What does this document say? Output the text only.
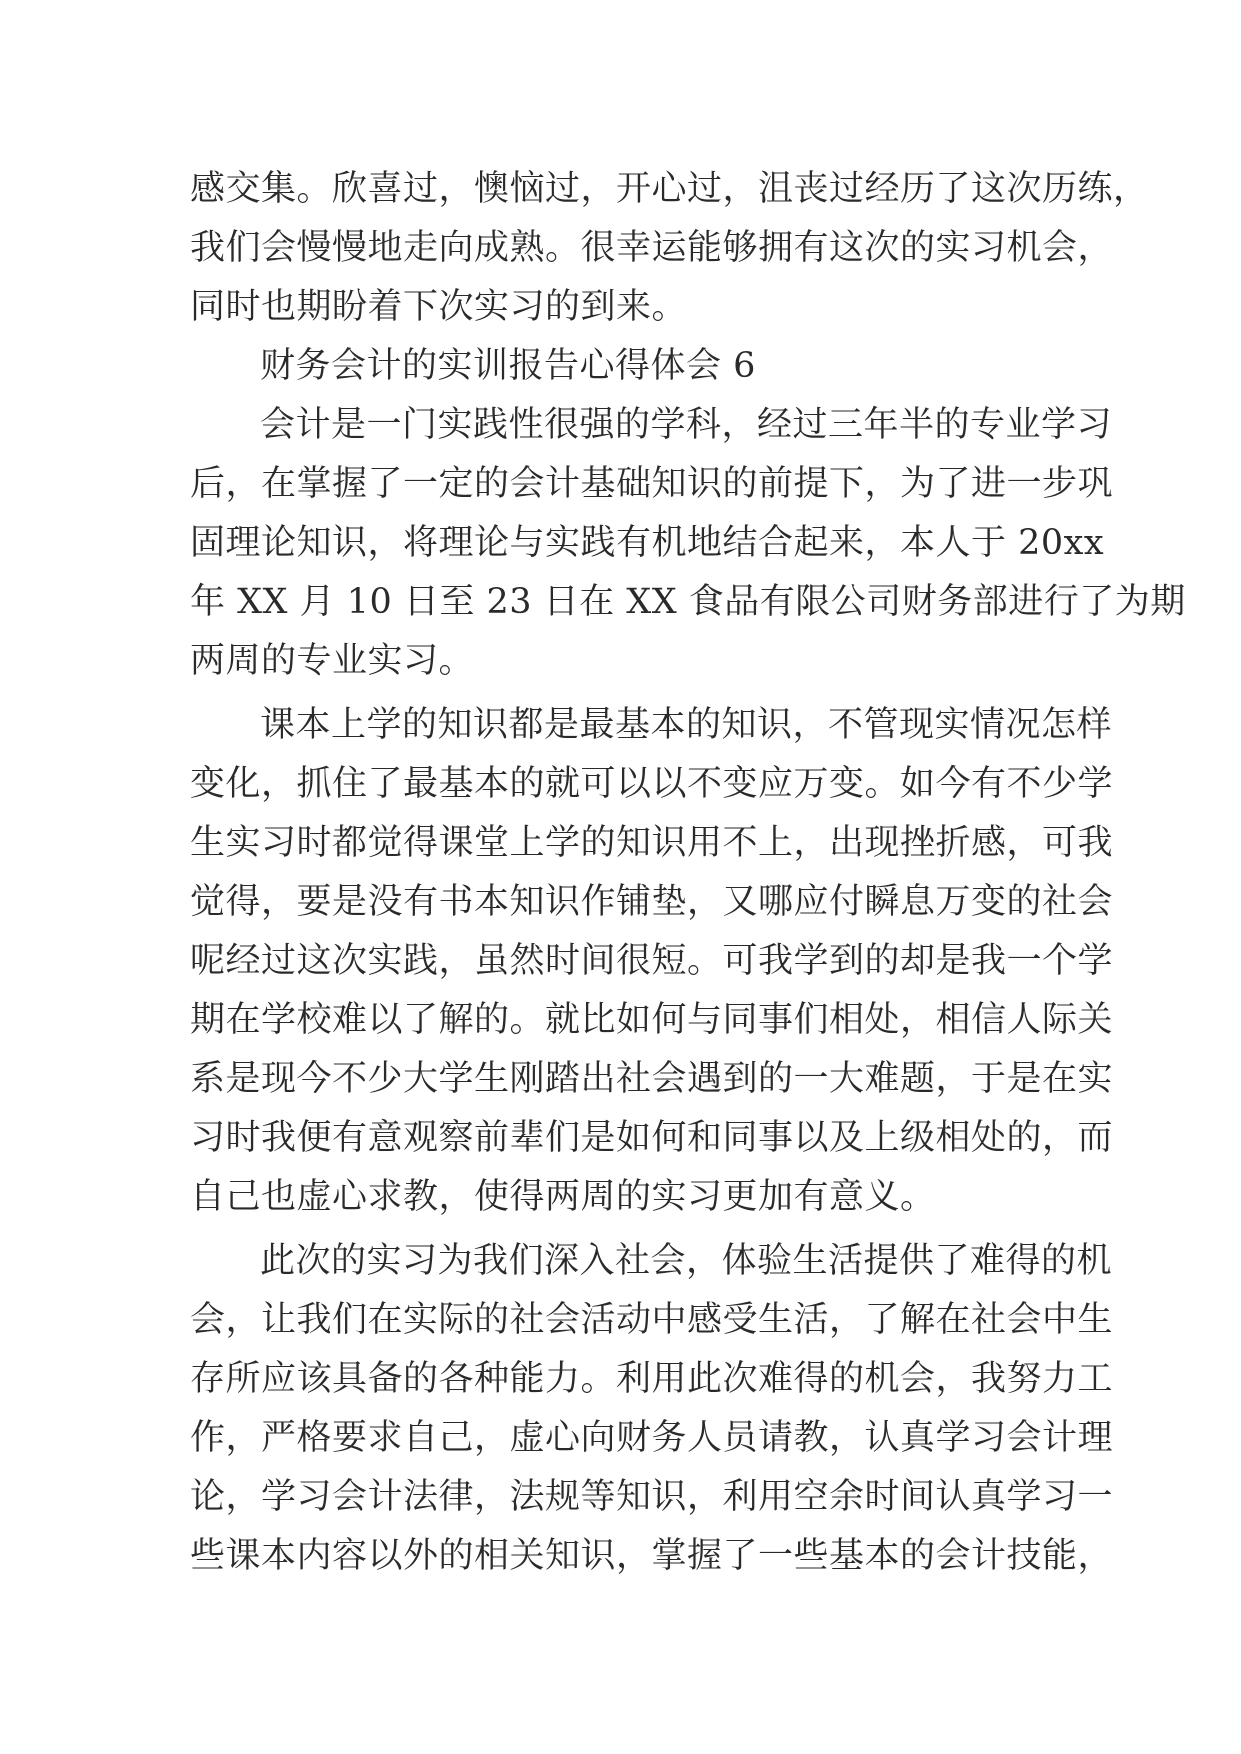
感交集。欣喜过，懊恼过，开心过，沮丧过经历了这次历练，
我们会慢慢地走向成熟。很幸运能够拥有这次的实习机会，
同时也期盼着下次实习的到来。
财务会计的实训报告心得体会 6
会计是一门实践性很强的学科，经过三年半的专业学习
后，在掌握了一定的会计基础知识的前提下，为了进一步巩
固理论知识，将理论与实践有机地结合起来，本人于 20xx
年 XX 月 10 日至 23 日在 XX 食品有限公司财务部进行了为期
两周的专业实习。
课本上学的知识都是最基本的知识，不管现实情况怎样
变化，抓住了最基本的就可以以不变应万变。如今有不少学
生实习时都觉得课堂上学的知识用不上，出现挫折感，可我
觉得，要是没有书本知识作铺垫，又哪应付瞬息万变的社会
呢经过这次实践，虽然时间很短。可我学到的却是我一个学
期在学校难以了解的。就比如何与同事们相处，相信人际关
系是现今不少大学生刚踏出社会遇到的一大难题，于是在实
习时我便有意观察前辈们是如何和同事以及上级相处的，而
自己也虚心求教，使得两周的实习更加有意义。
此次的实习为我们深入社会，体验生活提供了难得的机
会，让我们在实际的社会活动中感受生活，了解在社会中生
存所应该具备的各种能力。利用此次难得的机会，我努力工
作，严格要求自己，虚心向财务人员请教，认真学习会计理
论，学习会计法律，法规等知识，利用空余时间认真学习一
些课本内容以外的相关知识，掌握了一些基本的会计技能，
